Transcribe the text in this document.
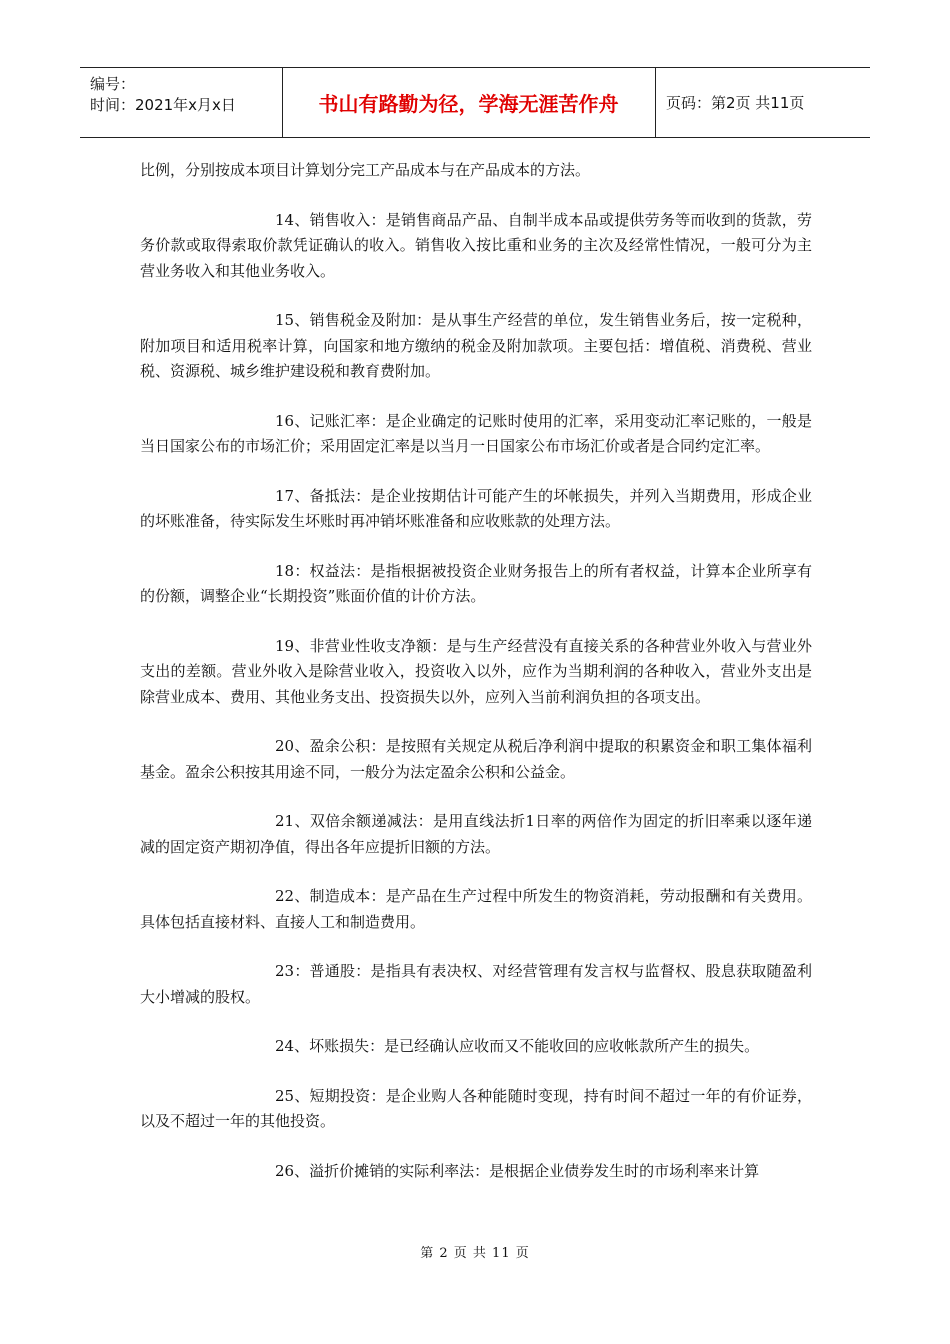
编号：
时间：2021年x月x日	书山有路勤为径，学海无涯苦作舟	页码：第2页 共11页

比例，分别按成本项目计算划分完工产品成本与在产品成本的方法。

14、销售收入：是销售商品产品、自制半成本品或提供劳务等而收到的货款，劳务价款或取得索取价款凭证确认的收入。销售收入按比重和业务的主次及经常性情况，一般可分为主营业务收入和其他业务收入。

15、销售税金及附加：是从事生产经营的单位，发生销售业务后，按一定税种，附加项目和适用税率计算，向国家和地方缴纳的税金及附加款项。主要包括：增值税、消费税、营业税、资源税、城乡维护建设税和教育费附加。

16、记账汇率：是企业确定的记账时使用的汇率，采用变动汇率记账的，一般是当日国家公布的市场汇价；采用固定汇率是以当月一日国家公布市场汇价或者是合同约定汇率。

17、备抵法：是企业按期估计可能产生的坏帐损失，并列入当期费用，形成企业的坏账准备，待实际发生坏账时再冲销坏账准备和应收账款的处理方法。

18：权益法：是指根据被投资企业财务报告上的所有者权益，计算本企业所享有的份额，调整企业“长期投资”账面价值的计价方法。

19、非营业性收支净额：是与生产经营没有直接关系的各种营业外收入与营业外支出的差额。营业外收入是除营业收入，投资收入以外，应作为当期利润的各种收入，营业外支出是除营业成本、费用、其他业务支出、投资损失以外，应列入当前利润负担的各项支出。

20、盈余公积：是按照有关规定从税后净利润中提取的积累资金和职工集体福利基金。盈余公积按其用途不同，一般分为法定盈余公积和公益金。

21、双倍余额递减法：是用直线法折1日率的两倍作为固定的折旧率乘以逐年递减的固定资产期初净值，得出各年应提折旧额的方法。

22、制造成本：是产品在生产过程中所发生的物资消耗，劳动报酬和有关费用。具体包括直接材料、直接人工和制造费用。

23：普通股：是指具有表决权、对经营管理有发言权与监督权、股息获取随盈利大小增减的股权。

24、坏账损失：是已经确认应收而又不能收回的应收帐款所产生的损失。

25、短期投资：是企业购人各种能随时变现，持有时间不超过一年的有价证券，以及不超过一年的其他投资。

26、溢折价摊销的实际利率法：是根据企业债券发生时的市场利率来计算

第 2 页 共 11 页
